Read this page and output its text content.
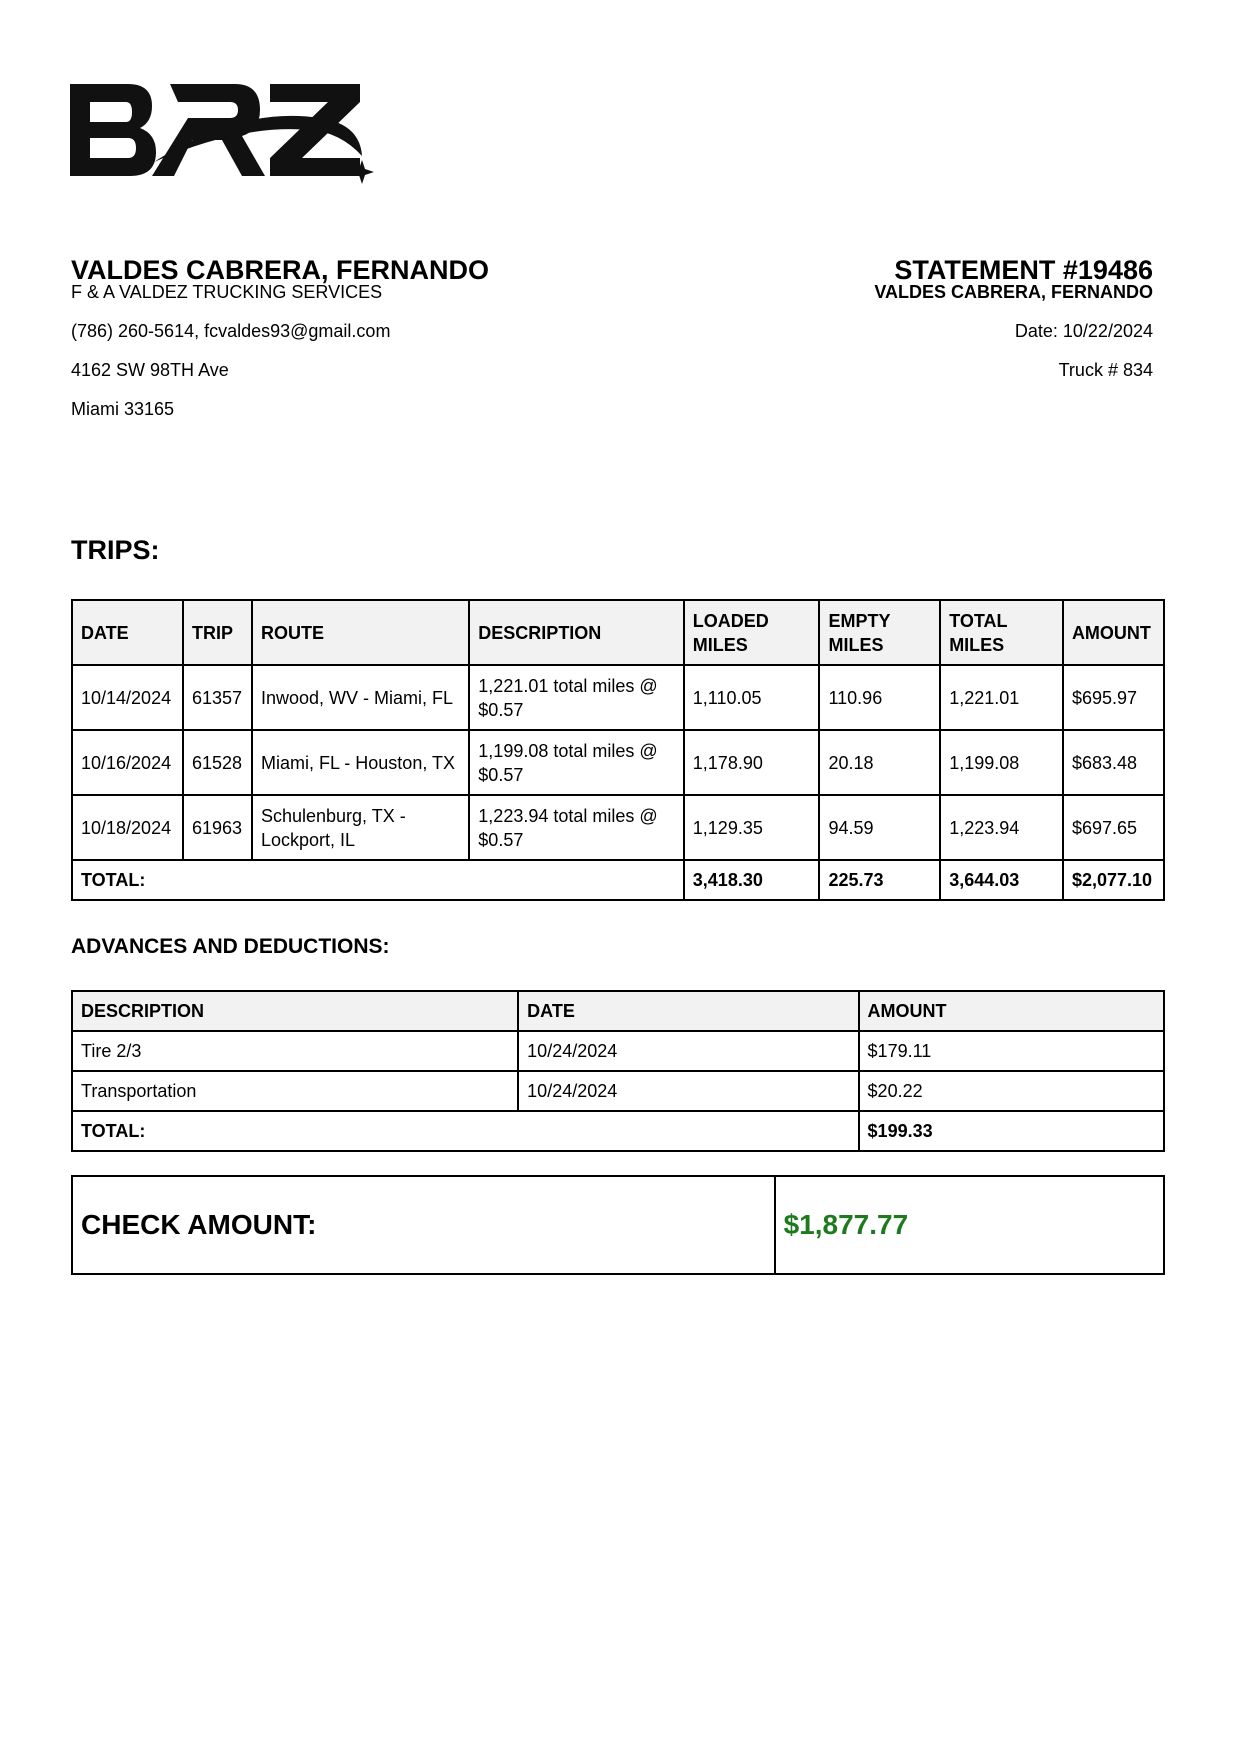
VALDES CABRERA, FERNANDO
F & A VALDEZ TRUCKING SERVICES
(786) 260-5614, fcvaldes93@gmail.com
4162 SW 98TH Ave
Miami 33165
STATEMENT #19486
VALDES CABRERA, FERNANDO
Date: 10/22/2024
Truck # 834
TRIPS:
DATE	TRIP	ROUTE	DESCRIPTION	LOADED MILES	EMPTY MILES	TOTAL MILES	AMOUNT
10/14/2024	61357	Inwood, WV - Miami, FL	1,221.01 total miles @ $0.57	1,110.05	110.96	1,221.01	$695.97
10/16/2024	61528	Miami, FL - Houston, TX	1,199.08 total miles @ $0.57	1,178.90	20.18	1,199.08	$683.48
10/18/2024	61963	Schulenburg, TX - Lockport, IL	1,223.94 total miles @ $0.57	1,129.35	94.59	1,223.94	$697.65
TOTAL:				3,418.30	225.73	3,644.03	$2,077.10
ADVANCES AND DEDUCTIONS:
DESCRIPTION	DATE	AMOUNT
Tire 2/3	10/24/2024	$179.11
Transportation	10/24/2024	$20.22
TOTAL:		$199.33
CHECK AMOUNT:	$1,877.77
